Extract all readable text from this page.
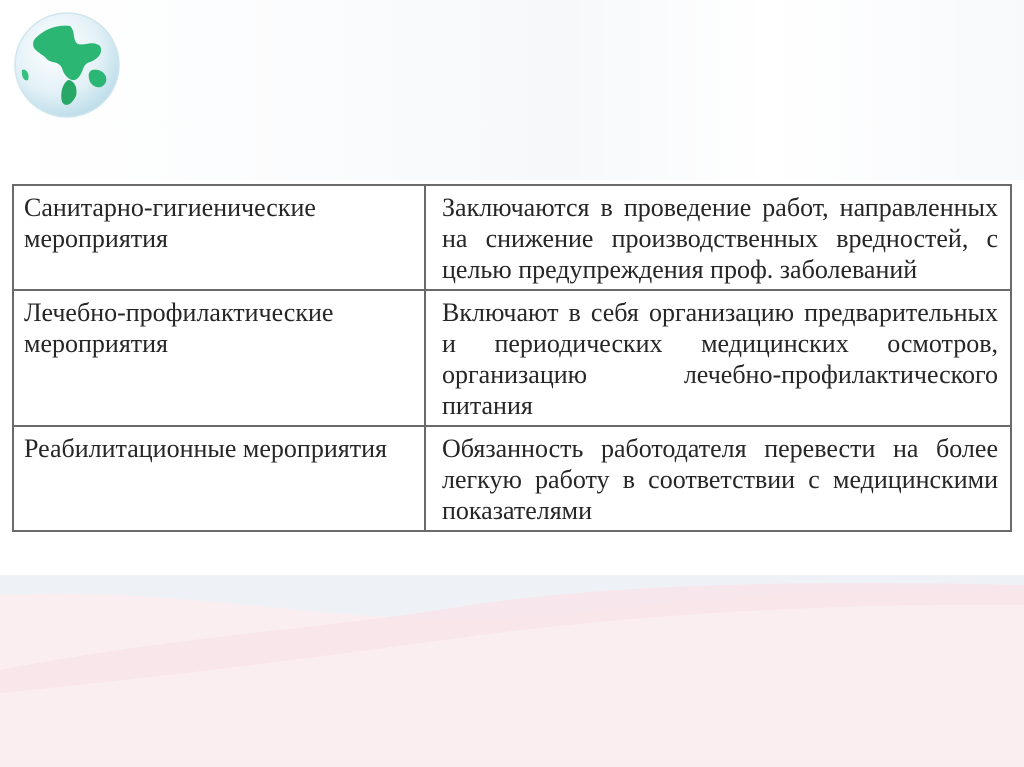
Санитарно-гигиенические мероприятия	Заключаются в проведение работ, направленных на снижение производственных вредностей, с целью предупреждения проф. заболеваний
Лечебно-профилактические мероприятия	Включают в себя организацию предварительных и периодических медицинских осмотров, организацию лечебно-профилактического питания
Реабилитационные мероприятия	Обязанность работодателя перевести на более легкую работу в соответствии с медицинскими показателями
